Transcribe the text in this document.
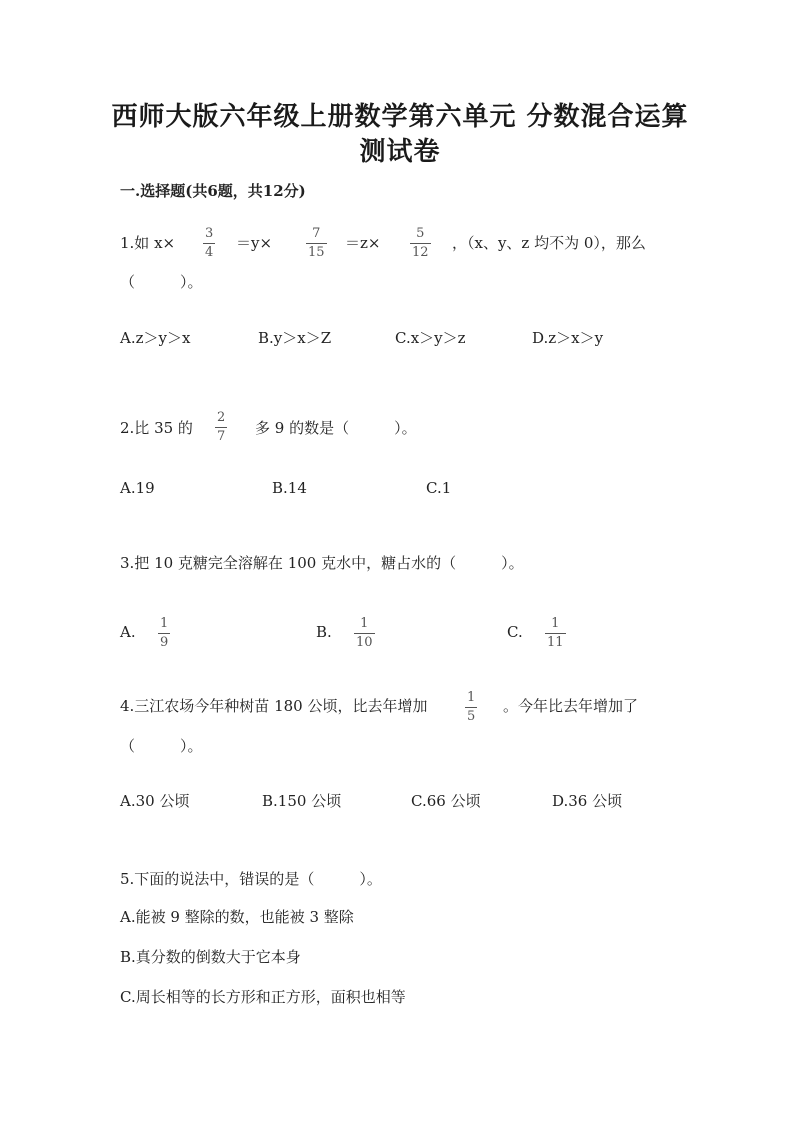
西师大版六年级上册数学第六单元 分数混合运算
测试卷
一.选择题(共6题，共12分)
1.如 x×
3
4
＝y×
7
15
＝z×
5
12
，（x、y、z 均不为 0），那么
（　　　）。
A.z＞y＞x	B.y＞x＞Z	C.x＞y＞z	D.z＞x＞y
2.比 35 的
2
7 多 9 的数是（　　　）。
A.19	B.14	C.1
3.把 10 克糖完全溶解在 100 克水中，糖占水的（　　　）。
A. 1
9
B. 1
10
C. 1
11
4.三江农场今年种树苗 180 公顷，比去年增加	1
5
。今年比去年增加了
（　　　）。
A.30 公顷	B.150 公顷	C.66 公顷	D.36 公顷
5.下面的说法中，错误的是（　　　）。
A.能被 9 整除的数，也能被 3 整除
B.真分数的倒数大于它本身
C.周长相等的长方形和正方形，面积也相等
